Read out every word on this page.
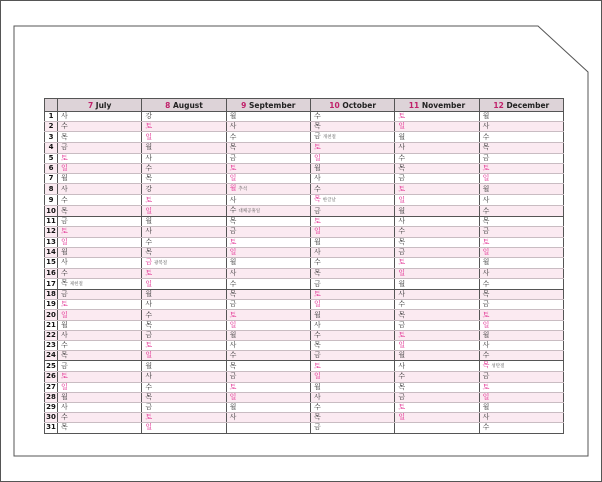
	7 July	8 August	9 September	10 October	11 November	12 December
1	사	강	월	수	토	월
2	수	토	사	목	일	사
3	목	일	수	금 개천절	월	수
4	금	월	목	토	사	목
5	토	사	금	일	수	금
6	일	수	토	월	목	토
7	월	목	일	사	금	일
8	사	강	월 추석	수	토	월
9	수	토	사	목 한글날	일	사
10	목	일	수 대체공휴일	금	월	수
11	금	월	목	토	사	목
12	토	사	금	일	수	금
13	일	수	토	월	목	토
14	월	목	일	사	금	일
15	사	금 광복절	월	수	토	월
16	수	토	사	목	일	사
17	목 제헌절	일	수	금	월	수
18	금	월	목	토	사	목
19	토	사	금	일	수	금
20	일	수	토	월	목	토
21	월	목	일	사	금	일
22	사	금	월	수	토	월
23	수	토	사	목	일	사
24	목	일	수	금	월	수
25	금	월	목	토	사	목 성탄절
26	토	사	금	일	수	금
27	일	수	토	월	목	토
28	월	목	일	사	금	일
29	사	금	월	수	토	월
30	수	토	사	목	일	사
31	목	일		금		수
